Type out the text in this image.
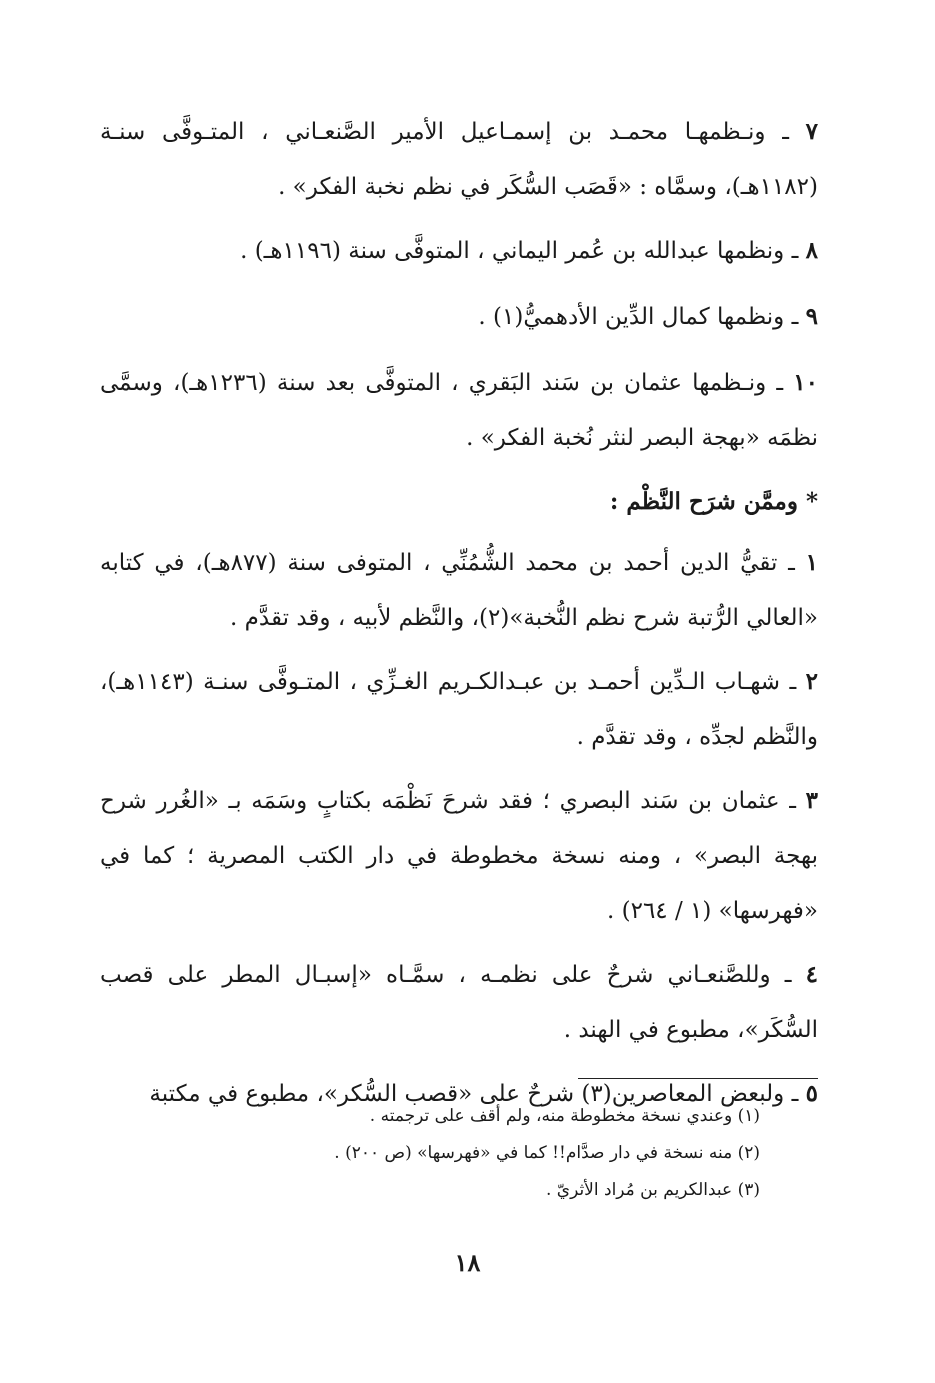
٧ ـ ونـظمهـا محمـد بن إسمـاعيل الأمير الصَّنعـاني ، المتـوفَّى سنـة (١١٨٢هـ)، وسمَّاه : «قَصَب السُّكَر في نظم نخبة الفكر» .

٨ ـ ونظمها عبدالله بن عُمر اليماني ، المتوفَّى سنة (١١٩٦هـ) .

٩ ـ ونظمها كمال الدِّين الأدهميُّ(١) .

١٠ ـ ونـظمها عثمان بن سَند البَقري ، المتوفَّى بعد سنة (١٢٣٦هـ)، وسمَّى نظمَه «بهجة البصر لنثر نُخبة الفكر» .

* وممَّن شرَح النَّظْم :

١ ـ تقيُّ الدين أحمد بن محمد الشُّمُنِّي ، المتوفى سنة (٨٧٧هـ)، في كتابه «العالي الرُّتبة شرح نظم النُّخبة»(٢)، والنَّظم لأبيه ، وقد تقدَّم .

٢ ـ شهـاب الـدِّين أحمـد بن عبـدالكـريم الغـزِّي ، المتـوفَّى سنـة (١١٤٣هـ)، والنَّظم لجدِّه ، وقد تقدَّم .

٣ ـ عثمان بن سَند البصري ؛ فقد شرحَ نَظْمَه بكتابٍ وسَمَه بـ «الغُرر شرح بهجة البصر» ، ومنه نسخة مخطوطة في دار الكتب المصرية ؛ كما في «فهرسها» (١ / ٢٦٤) .

٤ ـ وللصَّنعـاني شرحٌ على نظمـه ، سمَّـاه «إسبـال المطر على قصب السُّكَر»، مطبوع في الهند .

٥ ـ ولبعض المعاصرين(٣) شرحٌ على «قصب السُّكر»، مطبوع في مكتبة

(١) وعندي نسخة مخطوطة منه، ولم أقف على ترجمته .

(٢) منه نسخة في دار صدَّام!! كما في «فهرسها» (ص ٢٠٠) .

(٣) عبدالكريم بن مُراد الأثريّ .

١٨
